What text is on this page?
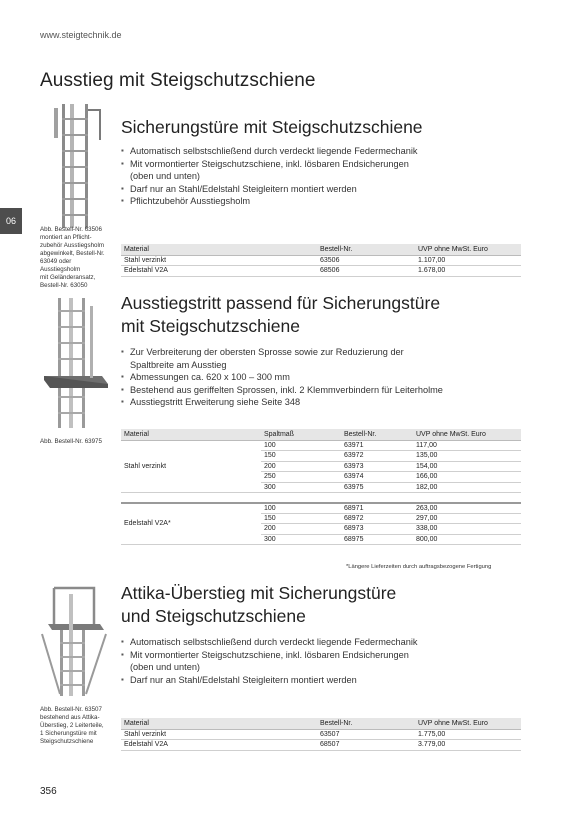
www.steigtechnik.de
Ausstieg mit Steigschutzschiene
06
Abb. Bestell-Nr. 63506
montiert an Pflicht-
zubehör Ausstiegsholm
abgewinkelt, Bestell-Nr.
63049 oder Ausstiegsholm
mit Geländeransatz,
Bestell-Nr. 63050
Sicherungstüre mit Steigschutzschiene
▪ Automatisch selbstschließend durch verdeckt liegende Federmechanik
▪ Mit vormontierter Steigschutzschiene, inkl. lösbaren Endsicherungen
(oben und unten)
▪ Darf nur an Stahl/Edelstahl Steigleitern montiert werden
▪ Pflichtzubehör Ausstiegsholm
Material	Bestell-Nr.	UVP ohne MwSt. Euro
Stahl verzinkt	63506	1.107,00
Edelstahl V2A	68506	1.678,00
Abb. Bestell-Nr. 63975
Ausstiegstritt passend für Sicherungstüre
mit Steigschutzschiene
▪ Zur Verbreiterung der obersten Sprosse sowie zur Reduzierung der
Spaltbreite am Ausstieg
▪ Abmessungen ca. 620 x 100 – 300 mm
▪ Bestehend aus geriffelten Sprossen, inkl. 2 Klemmverbindern für Leiterholme
▪ Ausstiegstritt Erweiterung siehe Seite 348
Material	Spaltmaß	Bestell-Nr.	UVP ohne MwSt. Euro
Stahl verzinkt	100	63971	117,00
	150	63972	135,00
	200	63973	154,00
	250	63974	166,00
	300	63975	182,00

Edelstahl V2A*	100	68971	263,00
	150	68972	297,00
	200	68973	338,00
	300	68975	800,00
*Längere Lieferzeiten durch auftragsbezogene Fertigung
Abb. Bestell-Nr. 63507
bestehend aus Attika-
Überstieg, 2 Leiterteile,
1 Sicherungstüre mit
Steigschutzschiene
Attika-Überstieg mit Sicherungstüre
und Steigschutzschiene
▪ Automatisch selbstschließend durch verdeckt liegende Federmechanik
▪ Mit vormontierter Steigschutzschiene, inkl. lösbaren Endsicherungen
(oben und unten)
▪ Darf nur an Stahl/Edelstahl Steigleitern montiert werden
Material	Bestell-Nr.	UVP ohne MwSt. Euro
Stahl verzinkt	63507	1.775,00
Edelstahl V2A	68507	3.779,00
356
